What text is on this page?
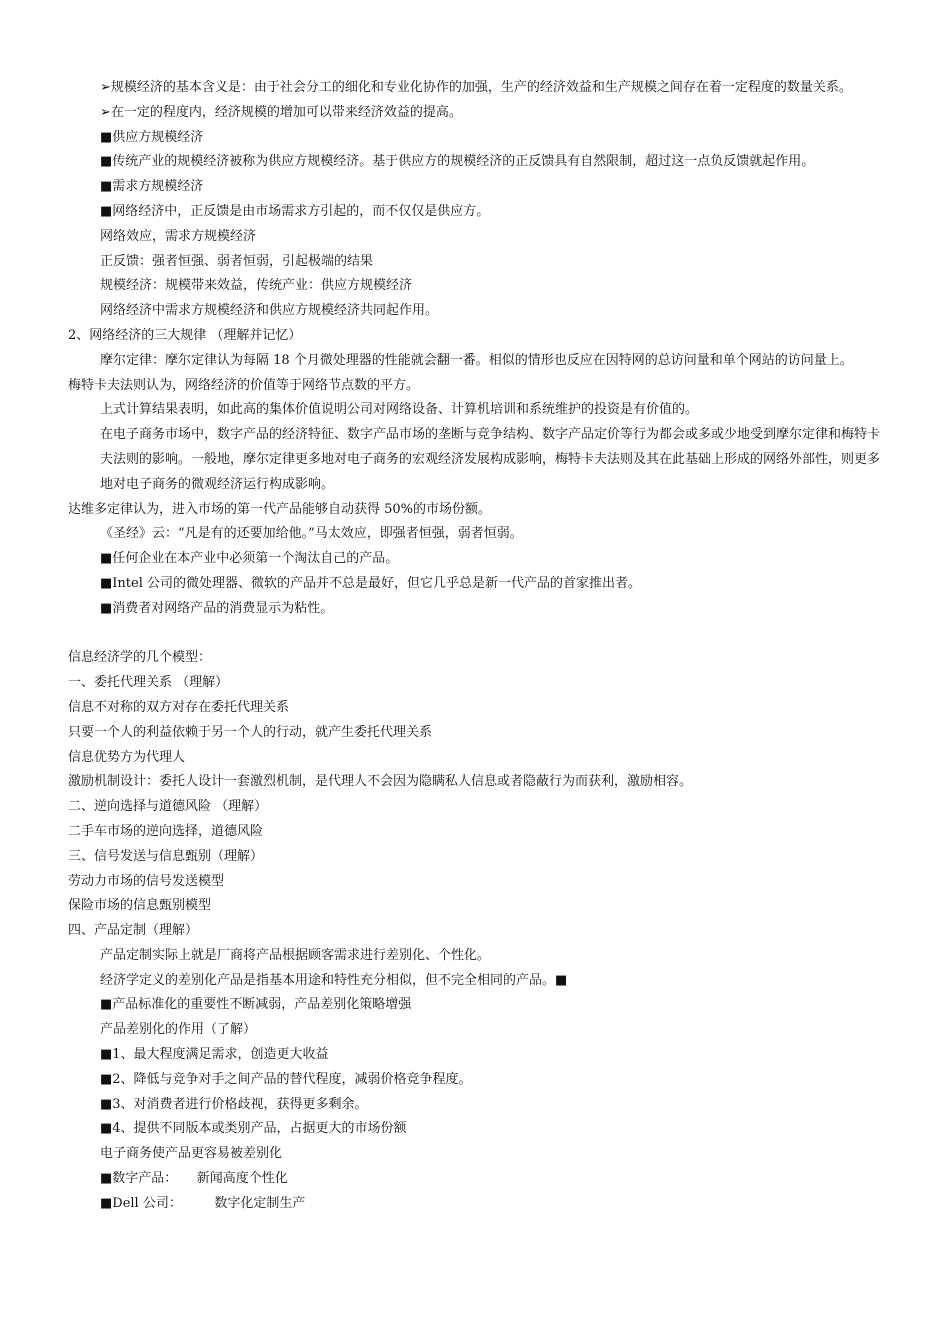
➢规模经济的基本含义是：由于社会分工的细化和专业化协作的加强，生产的经济效益和生产规模之间存在着一定程度的数量关系。
➢在一定的程度内，经济规模的增加可以带来经济效益的提高。
■供应方规模经济
■传统产业的规模经济被称为供应方规模经济。基于供应方的规模经济的正反馈具有自然限制，超过这一点负反馈就起作用。
■需求方规模经济
■网络经济中，正反馈是由市场需求方引起的，而不仅仅是供应方。
网络效应，需求方规模经济
正反馈：强者恒强、弱者恒弱，引起极端的结果
规模经济：规模带来效益，传统产业：供应方规模经济
网络经济中需求方规模经济和供应方规模经济共同起作用。
2、网络经济的三大规律 （理解并记忆）
摩尔定律：摩尔定律认为每隔 18 个月微处理器的性能就会翻一番。相似的情形也反应在因特网的总访问量和单个网站的访问量上。
梅特卡夫法则认为，网络经济的价值等于网络节点数的平方。
上式计算结果表明，如此高的集体价值说明公司对网络设备、计算机培训和系统维护的投资是有价值的。
在电子商务市场中，数字产品的经济特征、数字产品市场的垄断与竞争结构、数字产品定价等行为都会或多或少地受到摩尔定律和梅特卡夫法则的影响。一般地，摩尔定律更多地对电子商务的宏观经济发展构成影响，梅特卡夫法则及其在此基础上形成的网络外部性，则更多地对电子商务的微观经济运行构成影响。
达维多定律认为，进入市场的第一代产品能够自动获得 50%的市场份额。
《圣经》云：“凡是有的还要加给他。”马太效应，即强者恒强，弱者恒弱。
■任何企业在本产业中必须第一个淘汰自己的产品。
■Intel 公司的微处理器、微软的产品并不总是最好，但它几乎总是新一代产品的首家推出者。
■消费者对网络产品的消费显示为粘性。
信息经济学的几个模型：
一、委托代理关系 （理解）
信息不对称的双方对存在委托代理关系
只要一个人的利益依赖于另一个人的行动，就产生委托代理关系
信息优势方为代理人
激励机制设计：委托人设计一套激烈机制，是代理人不会因为隐瞒私人信息或者隐蔽行为而获利，激励相容。
二、逆向选择与道德风险 （理解）
二手车市场的逆向选择，道德风险
三、信号发送与信息甄别（理解）
劳动力市场的信号发送模型
保险市场的信息甄别模型
四、产品定制（理解）
产品定制实际上就是厂商将产品根据顾客需求进行差别化、个性化。
经济学定义的差别化产品是指基本用途和特性充分相似，但不完全相同的产品。■
■产品标准化的重要性不断减弱，产品差别化策略增强
产品差别化的作用（了解）
■1、最大程度满足需求，创造更大收益
■2、降低与竞争对手之间产品的替代程度，减弱价格竞争程度。
■3、对消费者进行价格歧视，获得更多剩余。
■4、提供不同版本或类别产品，占据更大的市场份额
电子商务使产品更容易被差别化
■数字产品：　　新闻高度个性化
■Dell 公司：　　　数字化定制生产
